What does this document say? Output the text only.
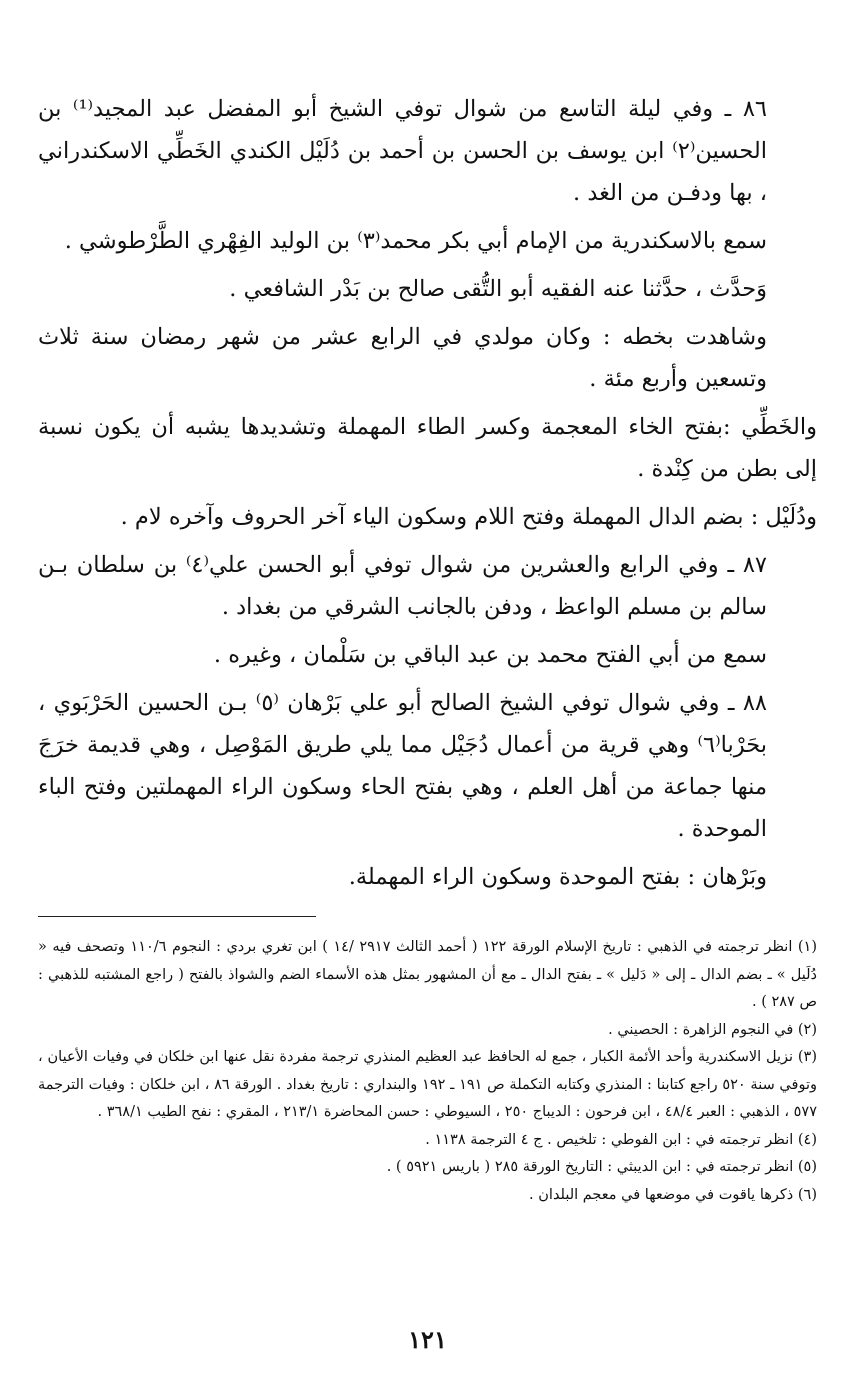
٨٦ ـ وفي ليلة التاسع من شوال توفي الشيخ أبو المفضل عبد المجيد⁽¹⁾ بن الحسين⁽٢⁾ ابن يوسف بن الحسن بن أحمد بن دُلَيْل الكندي الخَطِّي الاسكندراني ، بها ودفـن من الغد .

سمع بالاسكندرية من الإمام أبي بكر محمد⁽٣⁾ بن الوليد الفِهْري الطَّرْطوشي .

وَحدَّث ، حدَّثنا عنه الفقيه أبو التُّقى صالح بن بَدْر الشافعي .

وشاهدت بخطه : وكان مولدي في الرابع عشر من شهر رمضان سنة ثلاث وتسعين وأربع مئة .

والخَطِّي :بفتح الخاء المعجمة وكسر الطاء المهملة وتشديدها يشبه أن يكون نسبة إلى بطن من كِنْدة .

ودُلَيْل : بضم الدال المهملة وفتح اللام وسكون الياء آخر الحروف وآخره لام .

٨٧ ـ وفي الرابع والعشرين من شوال توفي أبو الحسن علي⁽٤⁾ بن سلطان بـن سالم بن مسلم الواعظ ، ودفن بالجانب الشرقي من بغداد .

سمع من أبي الفتح محمد بن عبد الباقي بن سَلْمان ، وغيره .

٨٨ ـ وفي شوال توفي الشيخ الصالح أبو علي بَرْهان ⁽٥⁾ بـن الحسين الحَرْبَوي ، بحَرْبا⁽٦⁾ وهي قرية من أعمال دُجَيْل مما يلي طريق المَوْصِل ، وهي قديمة خرَجَ منها جماعة من أهل العلم ، وهي بفتح الحاء وسكون الراء المهملتين وفتح الباء الموحدة .

وبَرْهان : بفتح الموحدة وسكون الراء المهملة.

(١) انظر ترجمته في الذهبي : تاريخ الإسلام الورقة ١٢٢ ( أحمد الثالث ٢٩١٧ /١٤ ) ابن تغري بردي : النجوم ١١٠/٦ وتصحف فيه « دُلَيل » ـ بضم الدال ـ إلى « دَليل » ـ بفتح الدال ـ مع أن المشهور بمثل هذه الأسماء الضم والشواذ بالفتح ( راجع المشتبه للذهبي : ص ٢٨٧ ) .

(٢) في النجوم الزاهرة : الحصيني .

(٣) نزيل الاسكندرية وأحد الأئمة الكبار ، جمع له الحافظ عبد العظيم المنذري ترجمة مفردة نقل عنها ابن خلكان في وفيات الأعيان ، وتوفي سنة ٥٢٠ راجع كتابنا : المنذري وكتابه التكملة ص ١٩١ ـ ١٩٢ والبنداري : تاريخ بغداد . الورقة ٨٦ ، ابن خلكان : وفيات الترجمة ٥٧٧ ، الذهبي : العبر ٤٨/٤ ، ابن فرحون : الديباج ٢٥٠ ، السيوطي : حسن المحاضرة ٢١٣/١ ، المقري : نفح الطيب ٣٦٨/١ .

(٤) انظر ترجمته في : ابن الفوطي : تلخيص . ج ٤ الترجمة ١١٣٨ .

(٥) انظر ترجمته في : ابن الديبثي : التاريخ الورقة ٢٨٥ ( باريس ٥٩٢١ ) .

(٦) ذكرها ياقوت في موضعها في معجم البلدان .

١٢١
